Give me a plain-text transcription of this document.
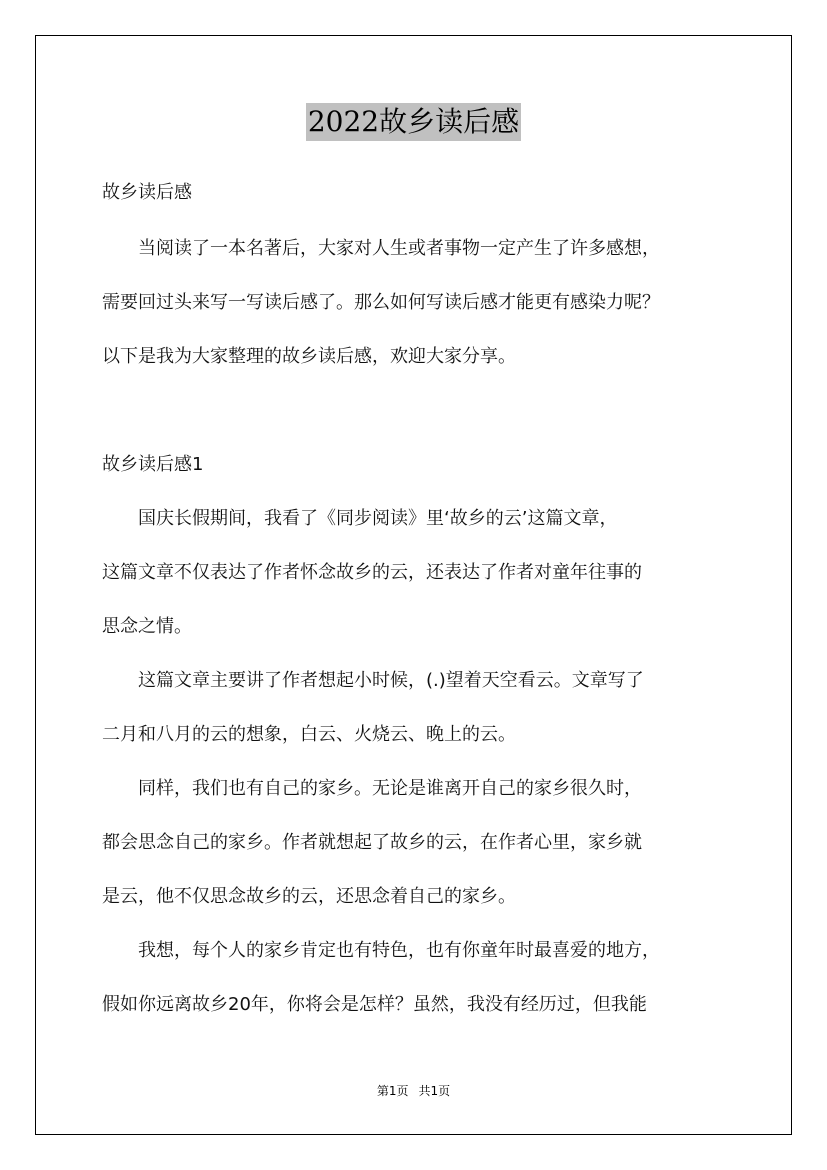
2022故乡读后感
故乡读后感
　　当阅读了一本名著后，大家对人生或者事物一定产生了许多感想，
需要回过头来写一写读后感了。那么如何写读后感才能更有感染力呢？
以下是我为大家整理的故乡读后感，欢迎大家分享。
故乡读后感1
　　国庆长假期间，我看了《同步阅读》里‘故乡的云’这篇文章，
这篇文章不仅表达了作者怀念故乡的云，还表达了作者对童年往事的
思念之情。
　　这篇文章主要讲了作者想起小时候，(.)望着天空看云。文章写了
二月和八月的云的想象，白云、火烧云、晚上的云。
　　同样，我们也有自己的家乡。无论是谁离开自己的家乡很久时，
都会思念自己的家乡。作者就想起了故乡的云，在作者心里，家乡就
是云，他不仅思念故乡的云，还思念着自己的家乡。
　　我想，每个人的家乡肯定也有特色，也有你童年时最喜爱的地方，
假如你远离故乡20年，你将会是怎样？虽然，我没有经历过，但我能
第1页 共1页
